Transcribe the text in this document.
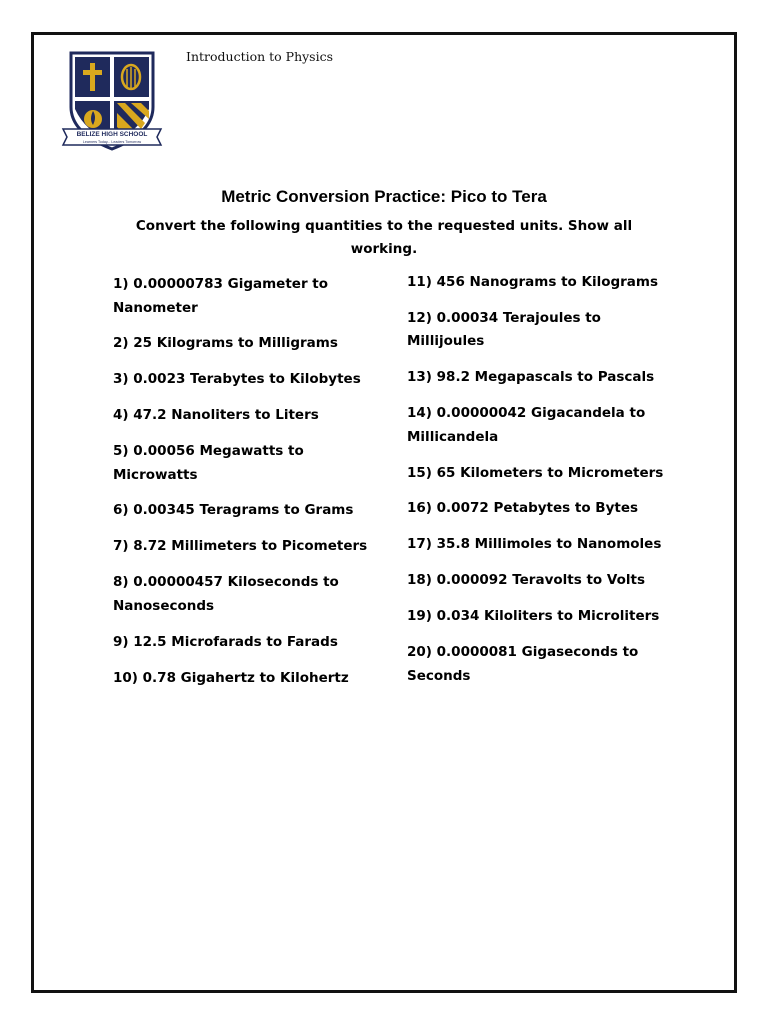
BELIZE HIGH SCHOOL
Learners Today... Leaders Tomorrow
Introduction to Physics
Metric Conversion Practice: Pico to Tera
Convert the following quantities to the requested units. Show all working.
1) 0.00000783 Gigameter to Nanometer
2) 25 Kilograms to Milligrams
3) 0.0023 Terabytes to Kilobytes
4) 47.2 Nanoliters to Liters
5) 0.00056 Megawatts to Microwatts
6) 0.00345 Teragrams to Grams
7) 8.72 Millimeters to Picometers
8) 0.00000457 Kiloseconds to Nanoseconds
9) 12.5 Microfarads to Farads
10) 0.78 Gigahertz to Kilohertz
11) 456 Nanograms to Kilograms
12) 0.00034 Terajoules to Millijoules
13) 98.2 Megapascals to Pascals
14) 0.00000042 Gigacandela to Millicandela
15) 65 Kilometers to Micrometers
16) 0.0072 Petabytes to Bytes
17) 35.8 Millimoles to Nanomoles
18) 0.000092 Teravolts to Volts
19) 0.034 Kiloliters to Microliters
20) 0.0000081 Gigaseconds to Seconds
